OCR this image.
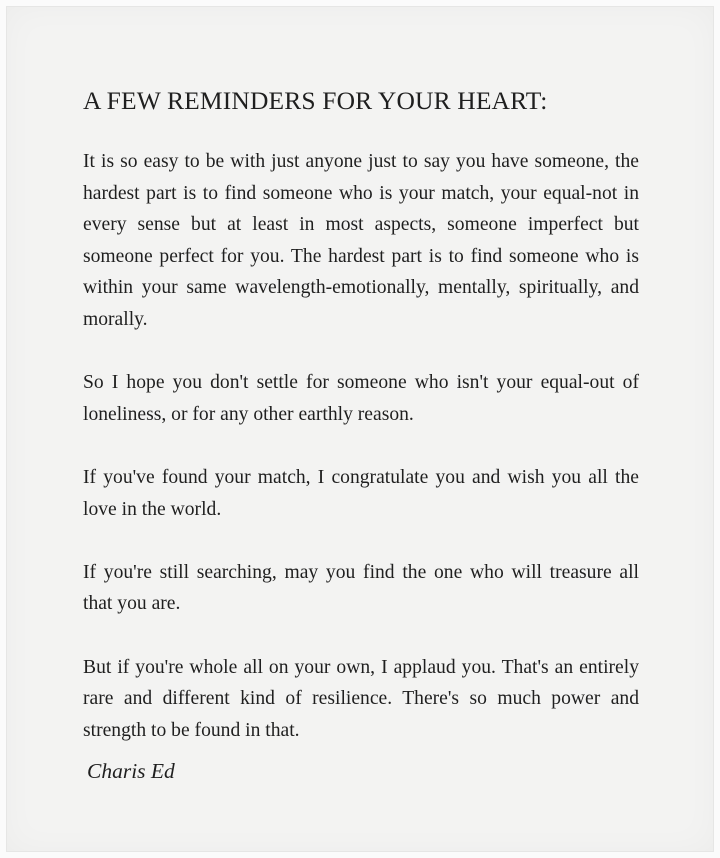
A FEW REMINDERS FOR YOUR HEART:

It is so easy to be with just anyone just to say you have someone, the hardest part is to find someone who is your match, your equal-not in every sense but at least in most aspects, someone imperfect but someone perfect for you. The hardest part is to find someone who is within your same wavelength-emotionally, mentally, spiritually, and morally.

So I hope you don't settle for someone who isn't your equal-out of loneliness, or for any other earthly reason.

If you've found your match, I congratulate you and wish you all the love in the world.

If you're still searching, may you find the one who will treasure all that you are.

But if you're whole all on your own, I applaud you. That's an entirely rare and different kind of resilience. There's so much power and strength to be found in that.

Charis Ed
